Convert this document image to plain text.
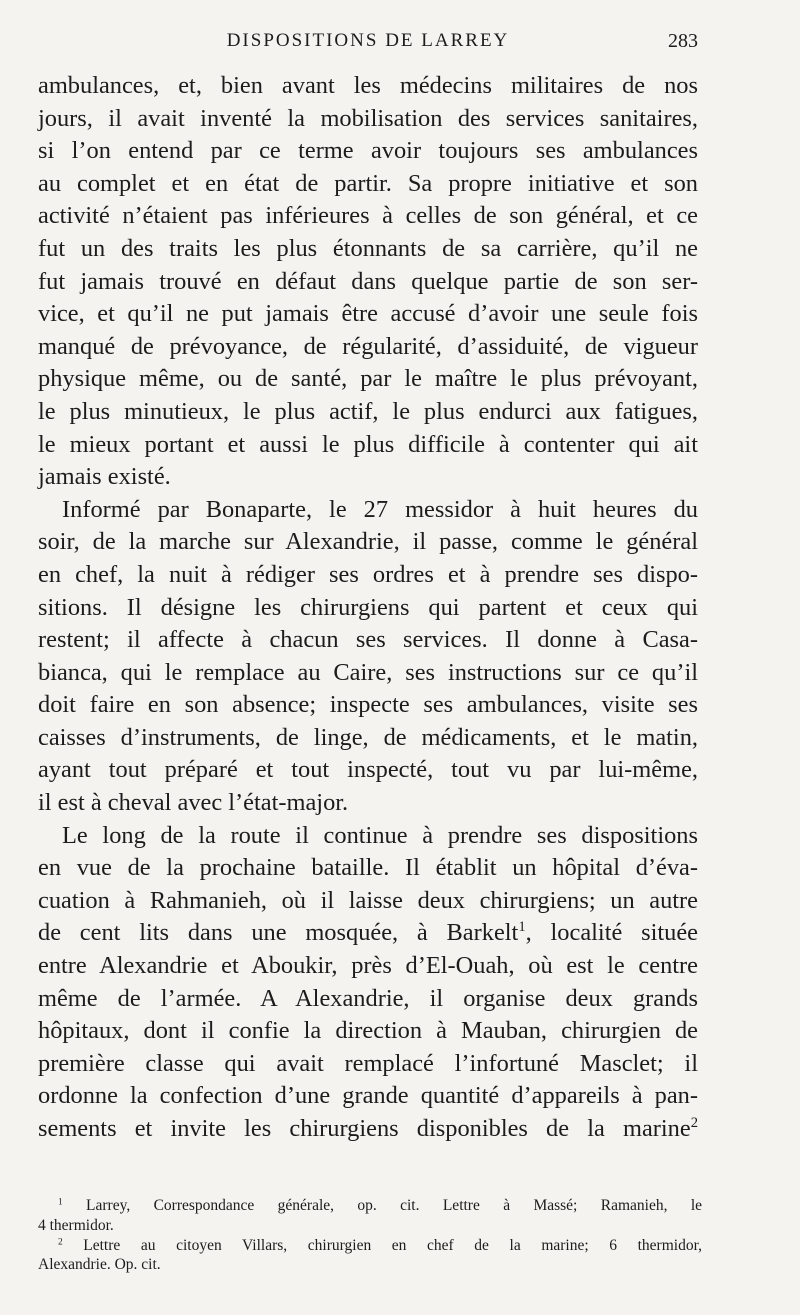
DISPOSITIONS DE LARREY	283
ambulances, et, bien avant les médecins militaires de nos
jours, il avait inventé la mobilisation des services sanitaires,
si l’on entend par ce terme avoir toujours ses ambulances
au complet et en état de partir. Sa propre initiative et son
activité n’étaient pas inférieures à celles de son général, et ce
fut un des traits les plus étonnants de sa carrière, qu’il ne
fut jamais trouvé en défaut dans quelque partie de son ser-
vice, et qu’il ne put jamais être accusé d’avoir une seule fois
manqué de prévoyance, de régularité, d’assiduité, de vigueur
physique même, ou de santé, par le maître le plus prévoyant,
le plus minutieux, le plus actif, le plus endurci aux fatigues,
le mieux portant et aussi le plus difficile à contenter qui ait
jamais existé.
Informé par Bonaparte, le 27 messidor à huit heures du
soir, de la marche sur Alexandrie, il passe, comme le général
en chef, la nuit à rédiger ses ordres et à prendre ses dispo-
sitions. Il désigne les chirurgiens qui partent et ceux qui
restent; il affecte à chacun ses services. Il donne à Casa-
bianca, qui le remplace au Caire, ses instructions sur ce qu’il
doit faire en son absence; inspecte ses ambulances, visite ses
caisses d’instruments, de linge, de médicaments, et le matin,
ayant tout préparé et tout inspecté, tout vu par lui-même,
il est à cheval avec l’état-major.
Le long de la route il continue à prendre ses dispositions
en vue de la prochaine bataille. Il établit un hôpital d’éva-
cuation à Rahmanieh, où il laisse deux chirurgiens; un autre
de cent lits dans une mosquée, à Barkelt$^1$, localité située
entre Alexandrie et Aboukir, près d’El-Ouah, où est le centre
même de l’armée. A Alexandrie, il organise deux grands
hôpitaux, dont il confie la direction à Mauban, chirurgien de
première classe qui avait remplacé l’infortuné Masclet; il
ordonne la confection d’une grande quantité d’appareils à pan-
sements et invite les chirurgiens disponibles de la marine$^2$
$^1$ Larrey, Correspondance générale, op. cit. Lettre à Massé; Ramanieh, le
4 thermidor.
$^2$ Lettre au citoyen Villars, chirurgien en chef de la marine; 6 thermidor,
Alexandrie. Op. cit.
